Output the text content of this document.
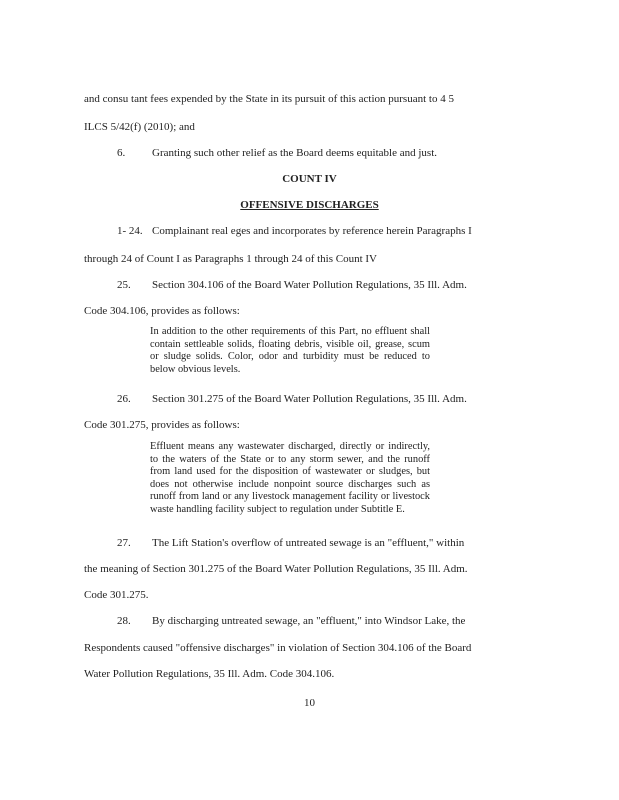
and consu tant fees expended by the State in its pursuit of this action pursuant to 4 5
ILCS 5/42(f) (2010); and
6. Granting such other relief as the Board deems equitable and just.
COUNT IV
OFFENSIVE DISCHARGES
1- 24. Complainant real eges and incorporates by reference herein Paragraphs I
through 24 of Count I as Paragraphs 1 through 24 of this Count IV
25. Section 304.106 of the Board Water Pollution Regulations, 35 Ill. Adm.
Code 304.106, provides as follows:
In addition to the other requirements of this Part, no effluent shall contain settleable solids, floating debris, visible oil, grease, scum or sludge solids. Color, odor and turbidity must be reduced to below obvious levels.
26. Section 301.275 of the Board Water Pollution Regulations, 35 Ill. Adm.
Code 301.275, provides as follows:
Effluent means any wastewater discharged, directly or indirectly, to the waters of the State or to any storm sewer, and the runoff from land used for the disposition of wastewater or sludges, but does not otherwise include nonpoint source discharges such as runoff from land or any livestock management facility or livestock waste handling facility subject to regulation under Subtitle E.
27. The Lift Station's overflow of untreated sewage is an "effluent," within
the meaning of Section 301.275 of the Board Water Pollution Regulations, 35 Ill. Adm.
Code 301.275.
28. By discharging untreated sewage, an "effluent," into Windsor Lake, the
Respondents caused "offensive discharges" in violation of Section 304.106 of the Board
Water Pollution Regulations, 35 Ill. Adm. Code 304.106.
10
